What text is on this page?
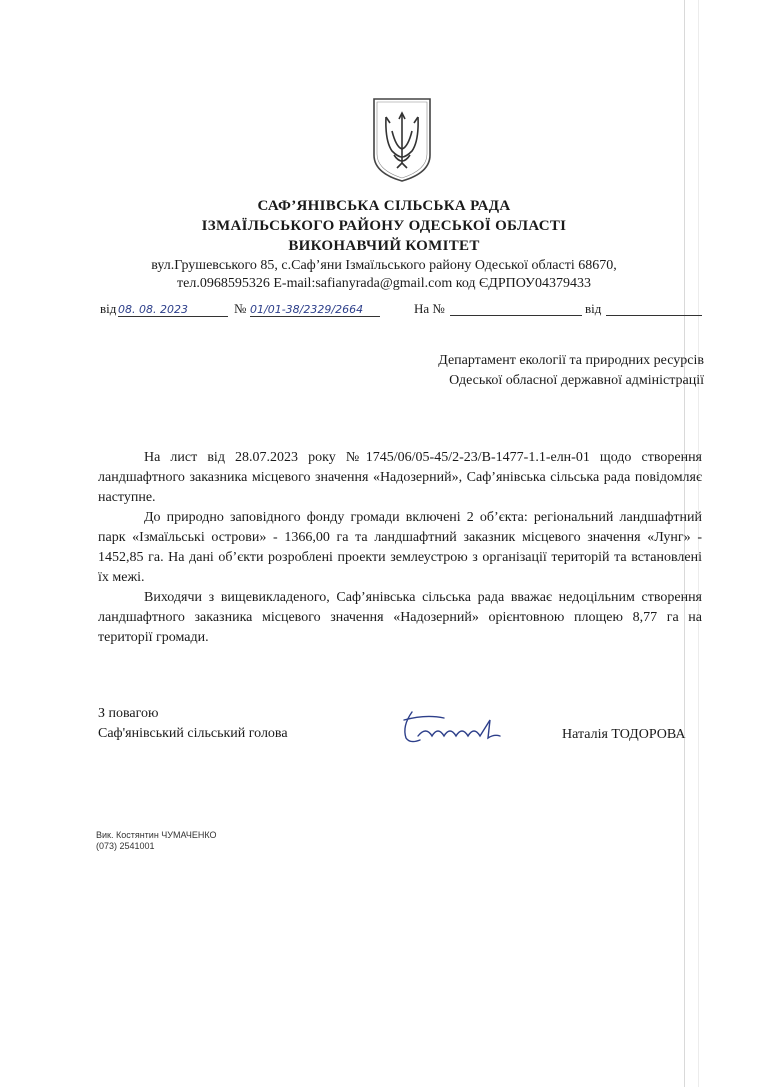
САФ’ЯНІВСЬКА СІЛЬСЬКА РАДА
ІЗМАЇЛЬСЬКОГО РАЙОНУ ОДЕСЬКОЇ ОБЛАСТІ
ВИКОНАВЧИЙ КОМІТЕТ
вул.Грушевського 85, с.Саф’яни Ізмаїльського району Одеської області 68670,
тел.0968595326 E-mail:safianyrada@gmail.com код ЄДРПОУ04379433
від 08. 08. 2023	№ 01/01-38/2329/2664	На №	від
Департамент екології та природних ресурсів
Одеської обласної державної адміністрації

На лист від 28.07.2023 року №1745/06/05-45/2-23/В-1477-1.1-елн-01 щодо створення ландшафтного заказника місцевого значення «Надозерний», Саф’янівська сільська рада повідомляє наступне.

До природно заповідного фонду громади включені 2 об’єкта: регіональний ландшафтний парк «Ізмаїльські острови» - 1366,00 га та ландшафтний заказник місцевого значення «Лунг» - 1452,85 га. На дані об’єкти розроблені проекти землеустрою з організації територій та встановлені їх межі.

Виходячи з вищевикладеного, Саф’янівська сільська рада вважає недоцільним створення ландшафтного заказника місцевого значення «Надозерний» орієнтовною площею 8,77 га на території громади.

З повагою
Саф'янівський сільський голова	Наталія ТОДОРОВА
Вик. Костянтин ЧУМАЧЕНКО
(073) 2541001
